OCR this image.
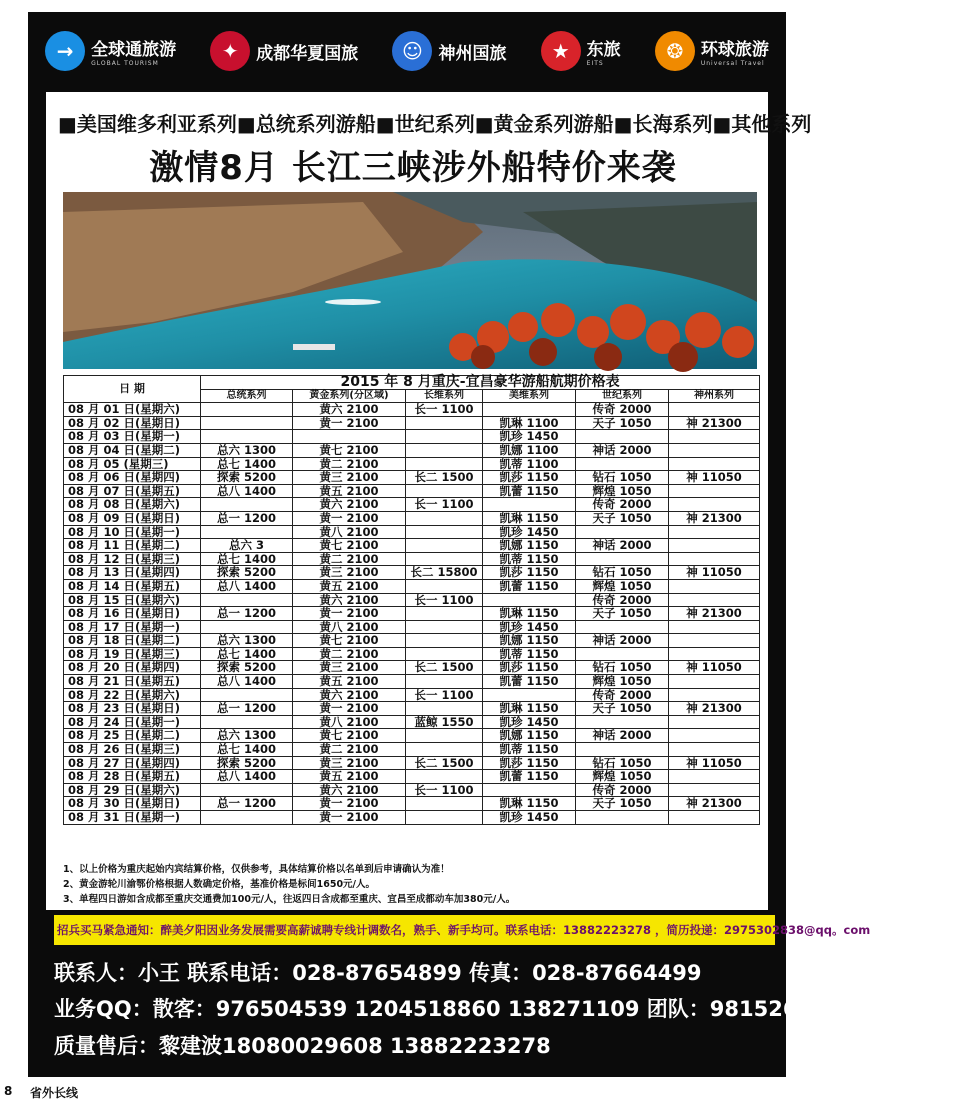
→	全球通旅游
GLOBAL TOURISM
✦	成都华夏国旅	☺ 神州国旅	★	东旅
EITS
❂	环球旅游
Universal Travel
■美国维多利亚系列■总统系列游船■世纪系列■黄金系列游船■长海系列■其他系列
激情8月 长江三峡涉外船特价来袭
日 期	2015 年 8 月重庆-宜昌豪华游船航期价格表					
	总统系列	黄金系列(分区域)	长维系列	美维系列	世纪系列	神州系列
08 月 01 日(星期六)		黄六 2100	长一 1100		传奇 2000	
08 月 02 日(星期日)		黄一 2100		凯琳 1100	天子 1050	神 21300
08 月 03 日(星期一)				凯珍 1450		
08 月 04 日(星期二)	总六 1300	黄七 2100		凯娜 1100	神话 2000	
08 月 05 (星期三)	总七 1400	黄二 2100		凯蒂 1100		
08 月 06 日(星期四)	探索 5200	黄三 2100	长二 1500	凯莎 1150	钻石 1050	神 11050
08 月 07 日(星期五)	总八 1400	黄五 2100		凯蕾 1150	辉煌 1050	
08 月 08 日(星期六)		黄六 2100	长一 1100		传奇 2000	
08 月 09 日(星期日)	总一 1200	黄一 2100		凯琳 1150	天子 1050	神 21300
08 月 10 日(星期一)		黄八 2100		凯珍 1450		
08 月 11 日(星期二)	总六 3	黄七 2100		凯娜 1150	神话 2000	
08 月 12 日(星期三)	总七 1400	黄二 2100		凯蒂 1150		
08 月 13 日(星期四)	探索 5200	黄三 2100	长二 15800	凯莎 1150	钻石 1050	神 11050
08 月 14 日(星期五)	总八 1400	黄五 2100		凯蕾 1150	辉煌 1050	
08 月 15 日(星期六)		黄六 2100	长一 1100		传奇 2000	
08 月 16 日(星期日)	总一 1200	黄一 2100		凯琳 1150	天子 1050	神 21300
08 月 17 日(星期一)		黄八 2100		凯珍 1450		
08 月 18 日(星期二)	总六 1300	黄七 2100		凯娜 1150	神话 2000	
08 月 19 日(星期三)	总七 1400	黄二 2100		凯蒂 1150		
08 月 20 日(星期四)	探索 5200	黄三 2100	长二 1500	凯莎 1150	钻石 1050	神 11050
08 月 21 日(星期五)	总八 1400	黄五 2100		凯蕾 1150	辉煌 1050	
08 月 22 日(星期六)		黄六 2100	长一 1100		传奇 2000	
08 月 23 日(星期日)	总一 1200	黄一 2100		凯琳 1150	天子 1050	神 21300
08 月 24 日(星期一)		黄八 2100	蓝鲸 1550	凯珍 1450		
08 月 25 日(星期二)	总六 1300	黄七 2100		凯娜 1150	神话 2000	
08 月 26 日(星期三)	总七 1400	黄二 2100		凯蒂 1150		
08 月 27 日(星期四)	探索 5200	黄三 2100	长二 1500	凯莎 1150	钻石 1050	神 11050
08 月 28 日(星期五)	总八 1400	黄五 2100		凯蕾 1150	辉煌 1050	
08 月 29 日(星期六)		黄六 2100	长一 1100		传奇 2000	
08 月 30 日(星期日)	总一 1200	黄一 2100		凯琳 1150	天子 1050	神 21300
08 月 31 日(星期一)		黄一 2100		凯珍 1450		
1、以上价格为重庆起始内宾结算价格，仅供参考，具体结算价格以名单到后申请确认为准！
2、黄金游轮川渝鄂价格根据人数确定价格，基准价格是标间1650元/人。
3、单程四日游如含成都至重庆交通费加100元/人，往返四日含成都至重庆、宜昌至成都动车加380元/人。
招兵买马紧急通知：醉美夕阳因业务发展需要高薪诚聘专线计调数名，熟手、新手均可。联系电话：13882223278 ，简历投递：2975302838@qq。com
联系人：小王 联系电话：028-87654899 传真：028-87664499
业务QQ：散客：976504539 1204518860 138271109 团队：981526445 287445027
质量售后：黎建波18080029608 13882223278
8 省外长线
